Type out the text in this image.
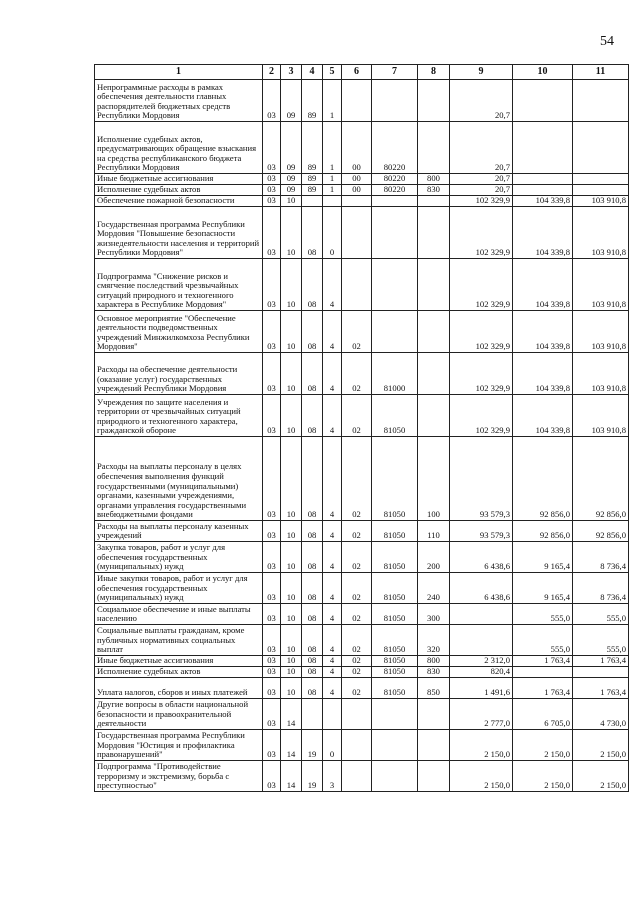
54
1	2	3	4	5	6	7	8	9	10	11
Непрограммные расходы в рамках обеспечения деятельности главных распорядителей бюджетных средств Республики Мордовия	03	09	89	1				20,7		
Исполнение судебных актов, предусматривающих обращение взыскания на средства республиканского бюджета Республики Мордовия	03	09	89	1	00	80220		20,7		
Иные бюджетные ассигнования	03	09	89	1	00	80220	800	20,7		
Исполнение судебных актов	03	09	89	1	00	80220	830	20,7		
Обеспечение пожарной безопасности	03	10						102 329,9	104 339,8	103 910,8
Государственная программа Республики Мордовия "Повышение безопасности жизнедеятельности населения и территорий Республики Мордовия"	03	10	08	0				102 329,9	104 339,8	103 910,8
Подпрограмма "Снижение рисков и смягчение последствий чрезвычайных ситуаций природного и техногенного характера в Республике Мордовия"	03	10	08	4				102 329,9	104 339,8	103 910,8
Основное мероприятие "Обеспечение деятельности подведомственных учреждений Минжилкомхоза Республики Мордовия"	03	10	08	4	02			102 329,9	104 339,8	103 910,8
Расходы на обеспечение деятельности (оказание услуг) государственных учреждений Республики Мордовия	03	10	08	4	02	81000		102 329,9	104 339,8	103 910,8
Учреждения по защите населения и территории от чрезвычайных ситуаций природного и техногенного характера, гражданской обороне	03	10	08	4	02	81050		102 329,9	104 339,8	103 910,8
Расходы на выплаты персоналу в целях обеспечения выполнения функций государственными (муниципальными) органами, казенными учреждениями, органами управления государственными внебюджетными фондами	03	10	08	4	02	81050	100	93 579,3	92 856,0	92 856,0
Расходы на выплаты персоналу казенных учреждений	03	10	08	4	02	81050	110	93 579,3	92 856,0	92 856,0
Закупка товаров, работ и услуг для обеспечения государственных (муниципальных) нужд	03	10	08	4	02	81050	200	6 438,6	9 165,4	8 736,4
Иные закупки товаров, работ и услуг для обеспечения государственных (муниципальных) нужд	03	10	08	4	02	81050	240	6 438,6	9 165,4	8 736,4
Социальное обеспечение и иные выплаты населению	03	10	08	4	02	81050	300		555,0	555,0
Социальные выплаты гражданам, кроме публичных нормативных социальных выплат	03	10	08	4	02	81050	320		555,0	555,0
Иные бюджетные ассигнования	03	10	08	4	02	81050	800	2 312,0	1 763,4	1 763,4
Исполнение судебных актов	03	10	08	4	02	81050	830	820,4		
Уплата налогов, сборов и иных платежей	03	10	08	4	02	81050	850	1 491,6	1 763,4	1 763,4
Другие вопросы в области национальной безопасности и правоохранительной деятельности	03	14						2 777,0	6 705,0	4 730,0
Государственная программа Республики Мордовия "Юстиция и профилактика правонарушений"	03	14	19	0				2 150,0	2 150,0	2 150,0
Подпрограмма "Противодействие терроризму и экстремизму, борьба с преступностью"	03	14	19	3				2 150,0	2 150,0	2 150,0
